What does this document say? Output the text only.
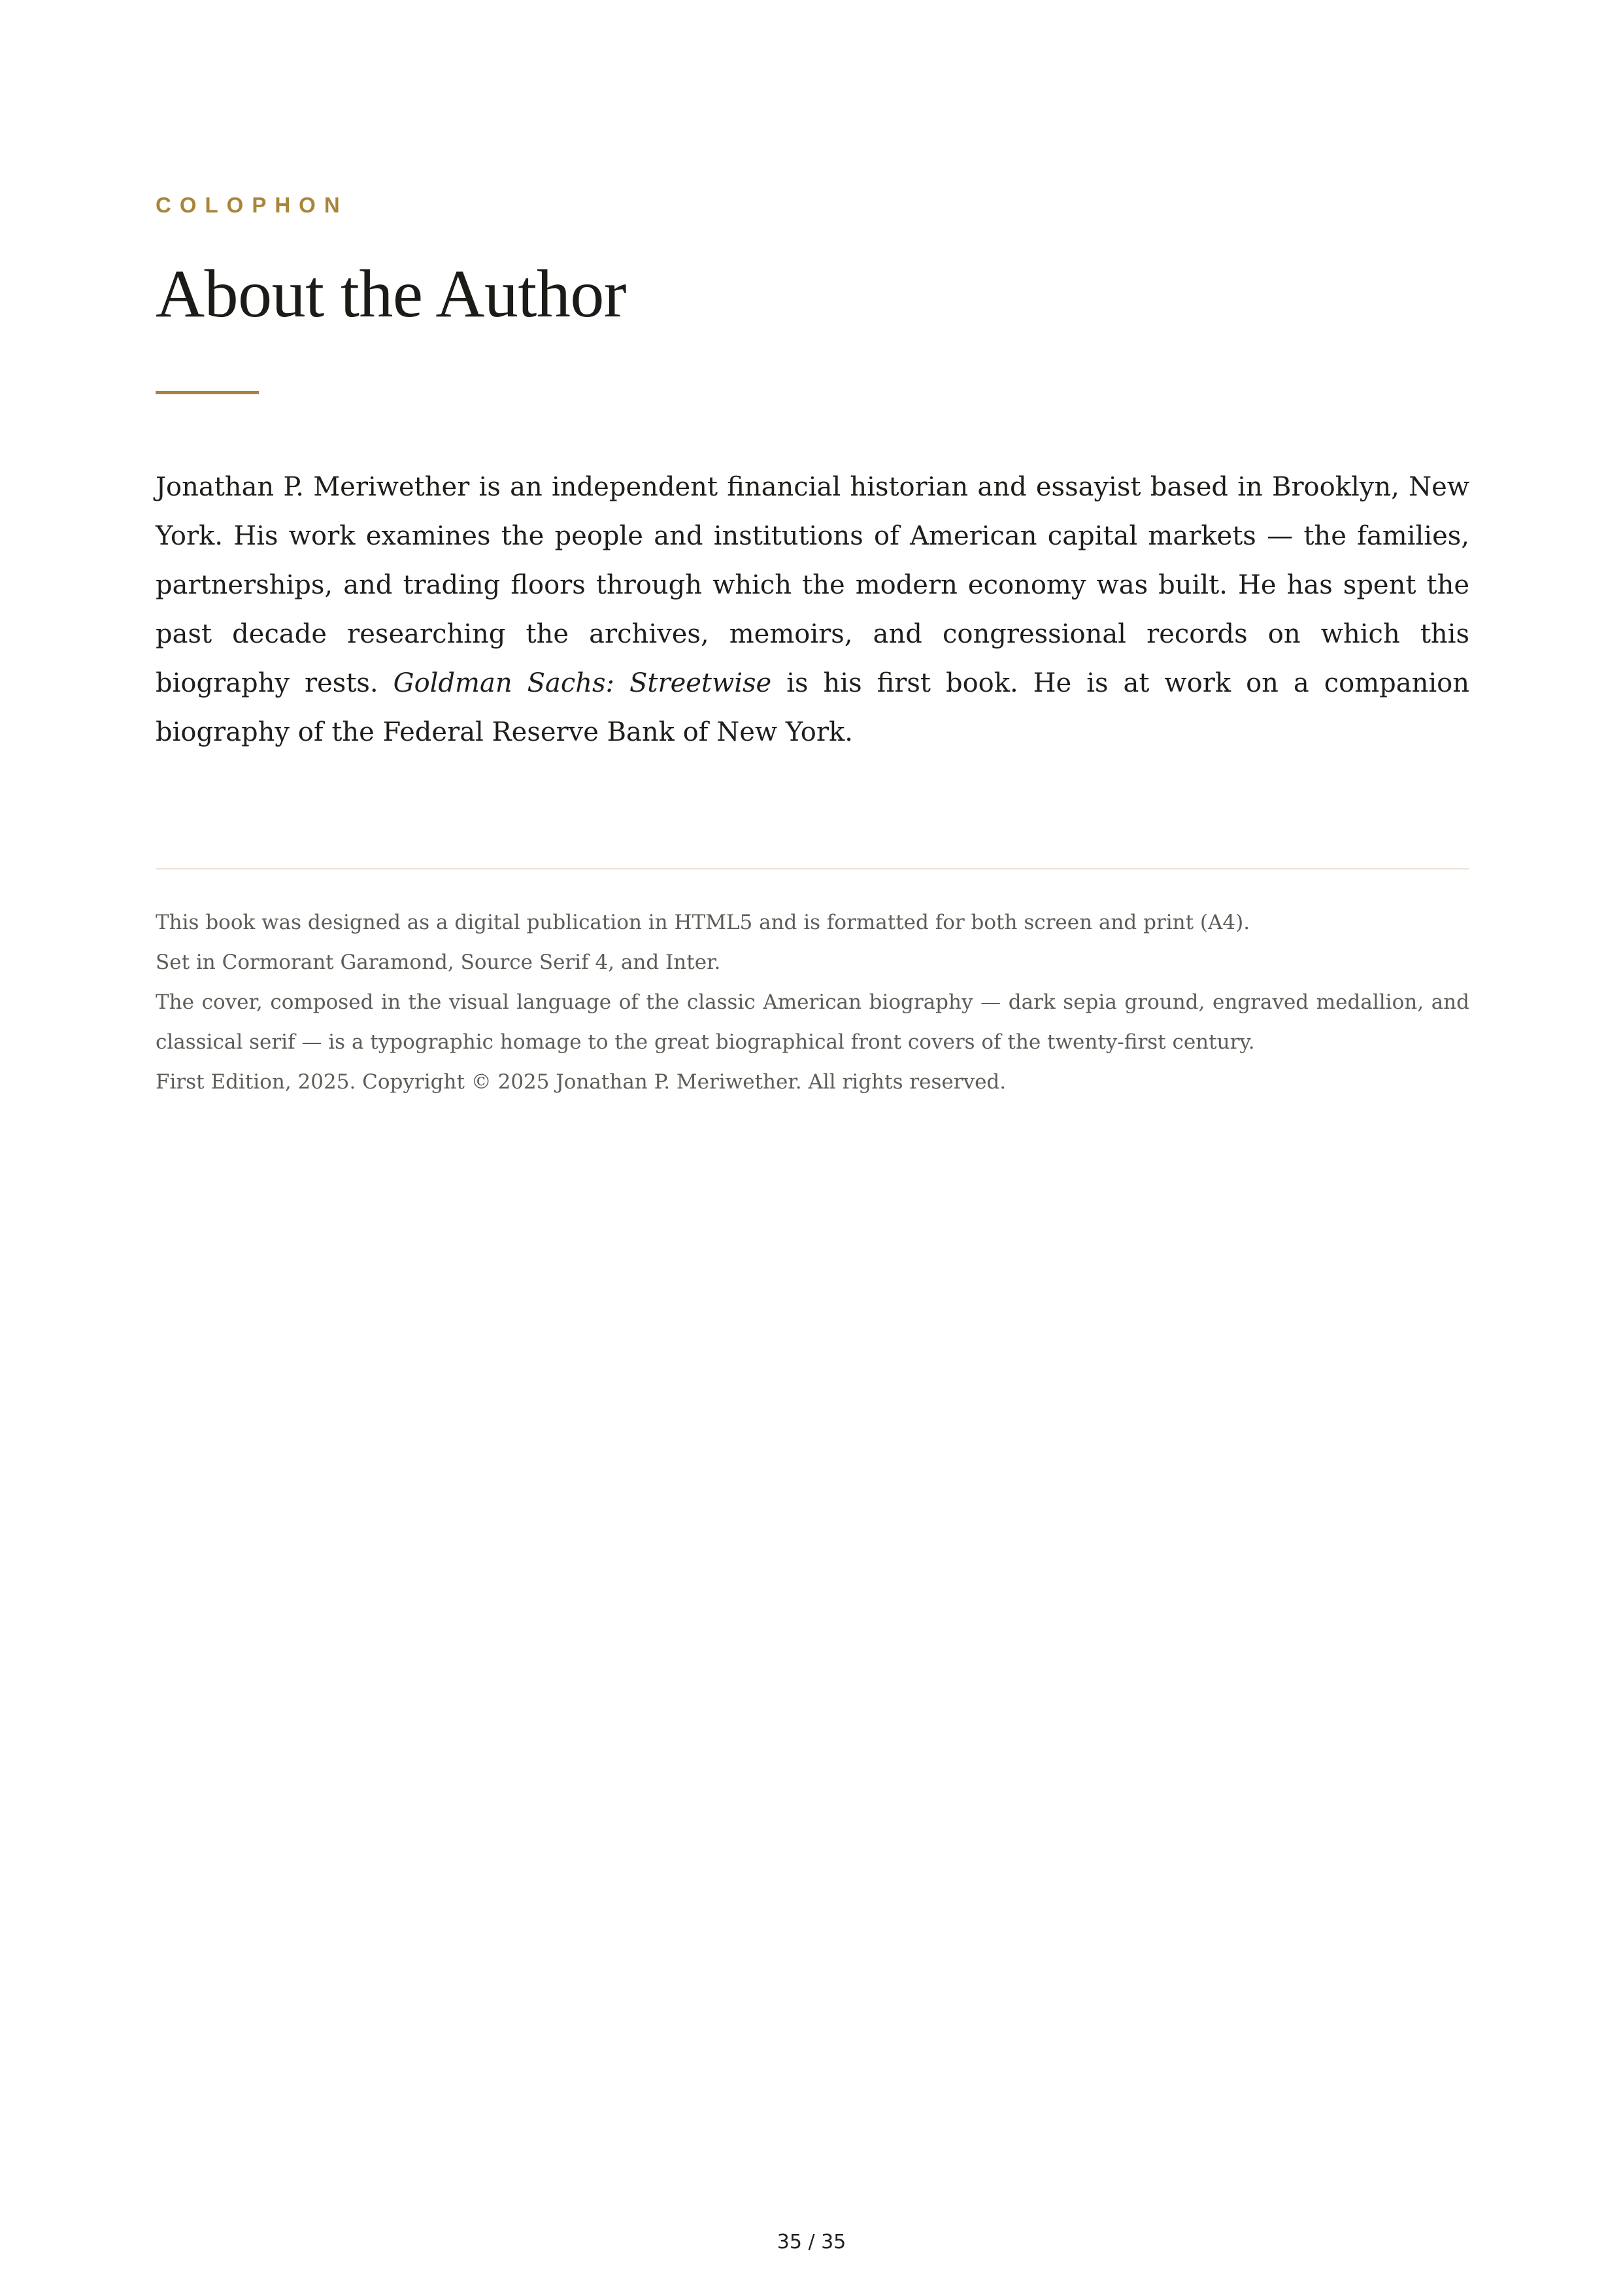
COLOPHON
About the Author

Jonathan P. Meriwether is an independent financial historian and essayist based in Brooklyn, New York. His work examines the people and institutions of American capital markets — the families, partnerships, and trading floors through which the modern economy was built. He has spent the past decade researching the archives, memoirs, and congressional records on which this biography rests. Goldman Sachs: Streetwise is his first book. He is at work on a companion biography of the Federal Reserve Bank of New York.

This book was designed as a digital publication in HTML5 and is formatted for both screen and print (A4).

Set in Cormorant Garamond, Source Serif 4, and Inter.

The cover, composed in the visual language of the classic American biography — dark sepia ground, engraved medallion, and classical serif — is a typographic homage to the great biographical front covers of the twenty-first century.

First Edition, 2025. Copyright © 2025 Jonathan P. Meriwether. All rights reserved.

35 / 35
